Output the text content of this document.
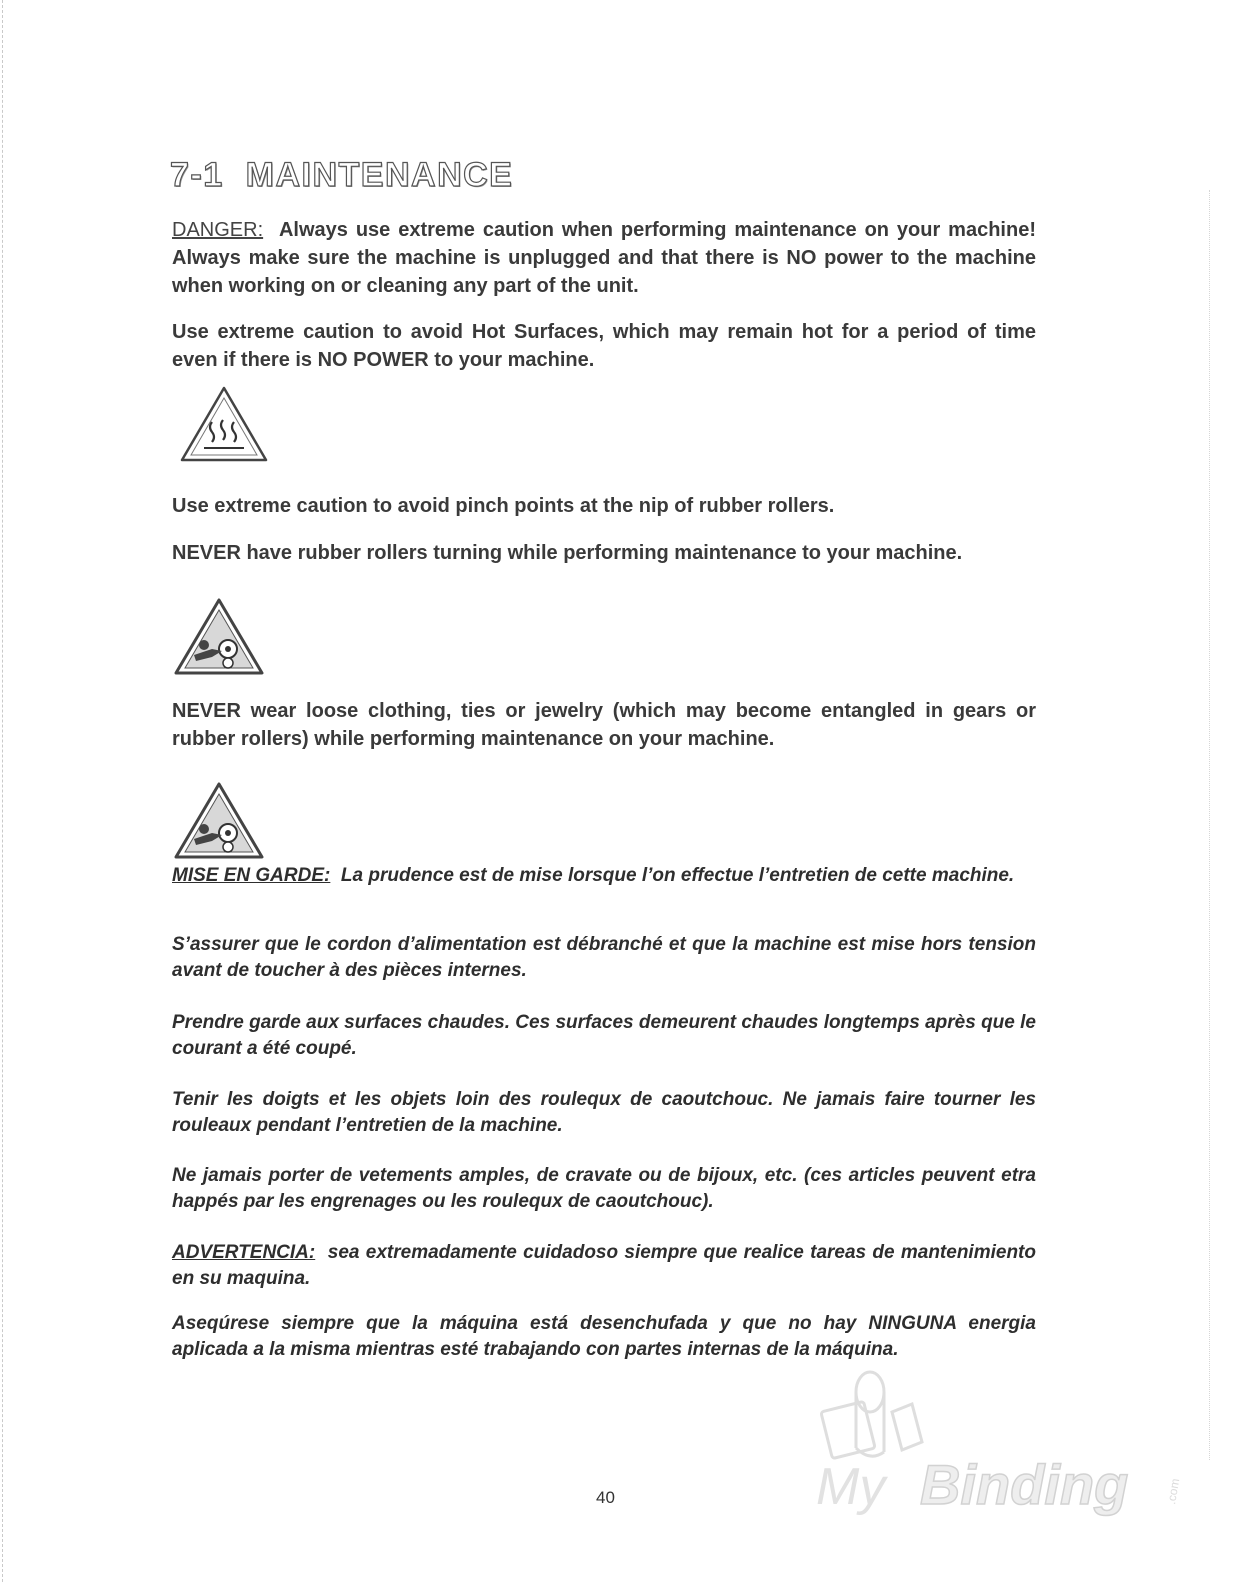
7-1 MAINTENANCE

DANGER: Always use extreme caution when performing maintenance on your machine! Always make sure the machine is unplugged and that there is NO power to the machine when working on or cleaning any part of the unit.

Use extreme caution to avoid Hot Surfaces, which may remain hot for a period of time even if there is NO POWER to your machine.

Use extreme caution to avoid pinch points at the nip of rubber rollers.

NEVER have rubber rollers turning while performing maintenance to your machine.

NEVER wear loose clothing, ties or jewelry (which may become entangled in gears or rubber rollers) while performing maintenance on your machine.

MISE EN GARDE: La prudence est de mise lorsque l’on effectue l’entretien de cette machine.

S’assurer que le cordon d’alimentation est débranché et que la machine est mise hors tension avant de toucher à des pièces internes.

Prendre garde aux surfaces chaudes. Ces surfaces demeurent chaudes longtemps après que le courant a été coupé.

Tenir les doigts et les objets loin des roulequx de caoutchouc. Ne jamais faire tourner les rouleaux pendant l’entretien de la machine.

Ne jamais porter de vetements amples, de cravate ou de bijoux, etc. (ces articles peuvent etra happés par les engrenages ou les roulequx de caoutchouc).

ADVERTENCIA: sea extremadamente cuidadoso siempre que realice tareas de mantenimiento en su maquina.

Aseqúrese siempre que la máquina está desenchufada y que no hay NINGUNA energia aplicada a la misma mientras esté trabajando con partes internas de la máquina.

40	My Binding	.com
